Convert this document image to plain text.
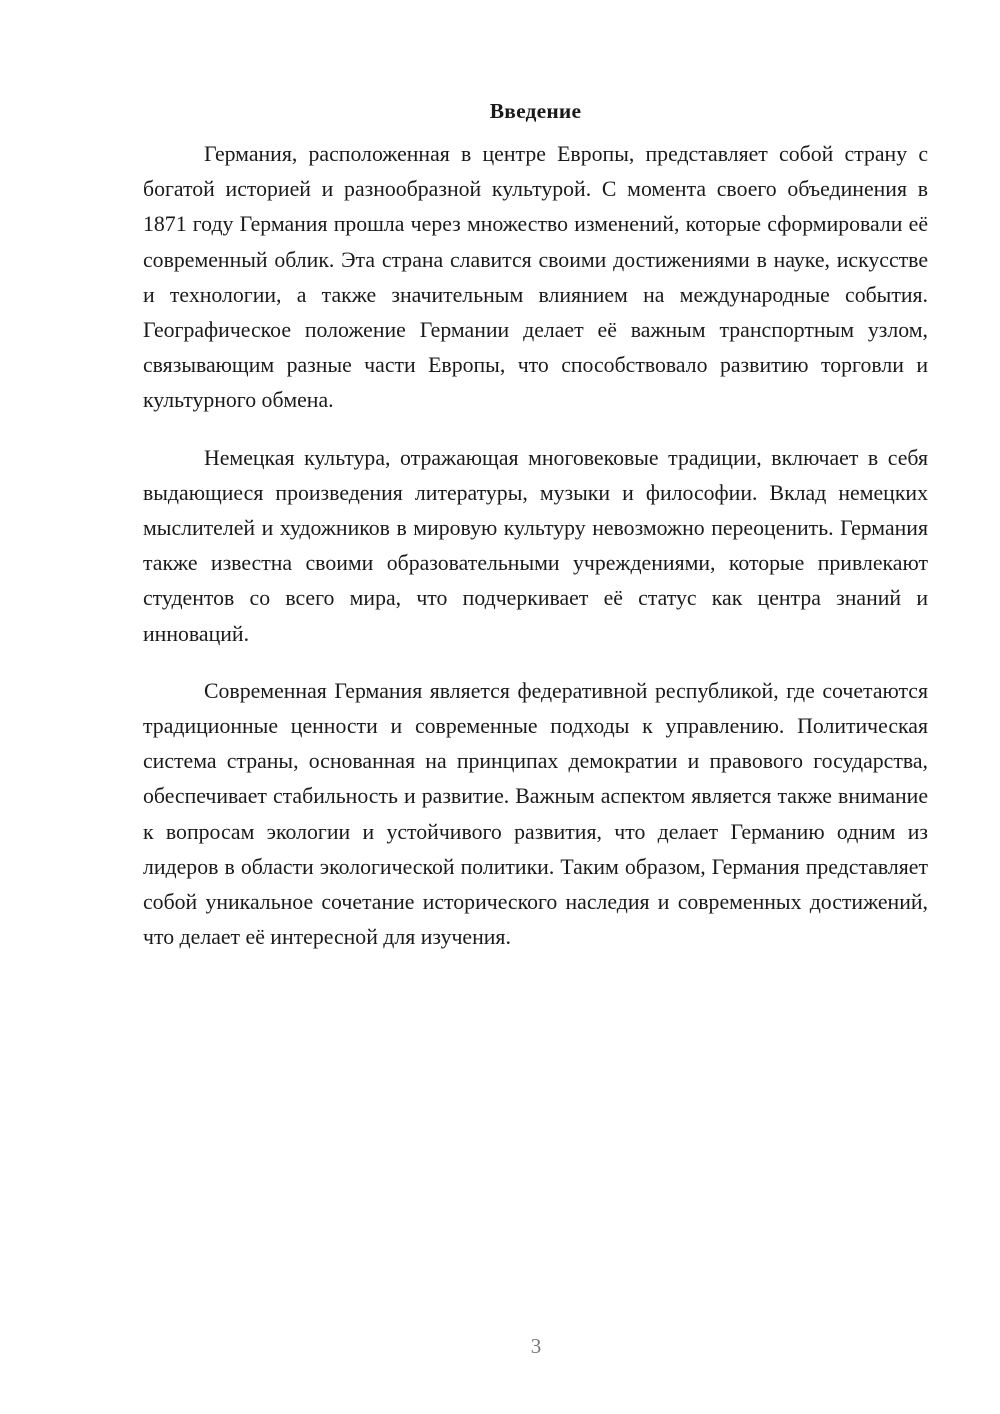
Введение

Германия, расположенная в центре Европы, представляет собой страну с богатой историей и разнообразной культурой. С момента своего объединения в 1871 году Германия прошла через множество изменений, которые сформировали её современный облик. Эта страна славится своими достижениями в науке, искусстве и технологии, а также значительным влиянием на международные события. Географическое положение Германии делает её важным транспортным узлом, связывающим разные части Европы, что способствовало развитию торговли и культурного обмена.

Немецкая культура, отражающая многовековые традиции, включает в себя выдающиеся произведения литературы, музыки и философии. Вклад немецких мыслителей и художников в мировую культуру невозможно переоценить. Германия также известна своими образовательными учреждениями, которые привлекают студентов со всего мира, что подчеркивает её статус как центра знаний и инноваций.

Современная Германия является федеративной республикой, где сочетаются традиционные ценности и современные подходы к управлению. Политическая система страны, основанная на принципах демократии и правового государства, обеспечивает стабильность и развитие. Важным аспектом является также внимание к вопросам экологии и устойчивого развития, что делает Германию одним из лидеров в области экологической политики. Таким образом, Германия представляет собой уникальное сочетание исторического наследия и современных достижений, что делает её интересной для изучения.

3
